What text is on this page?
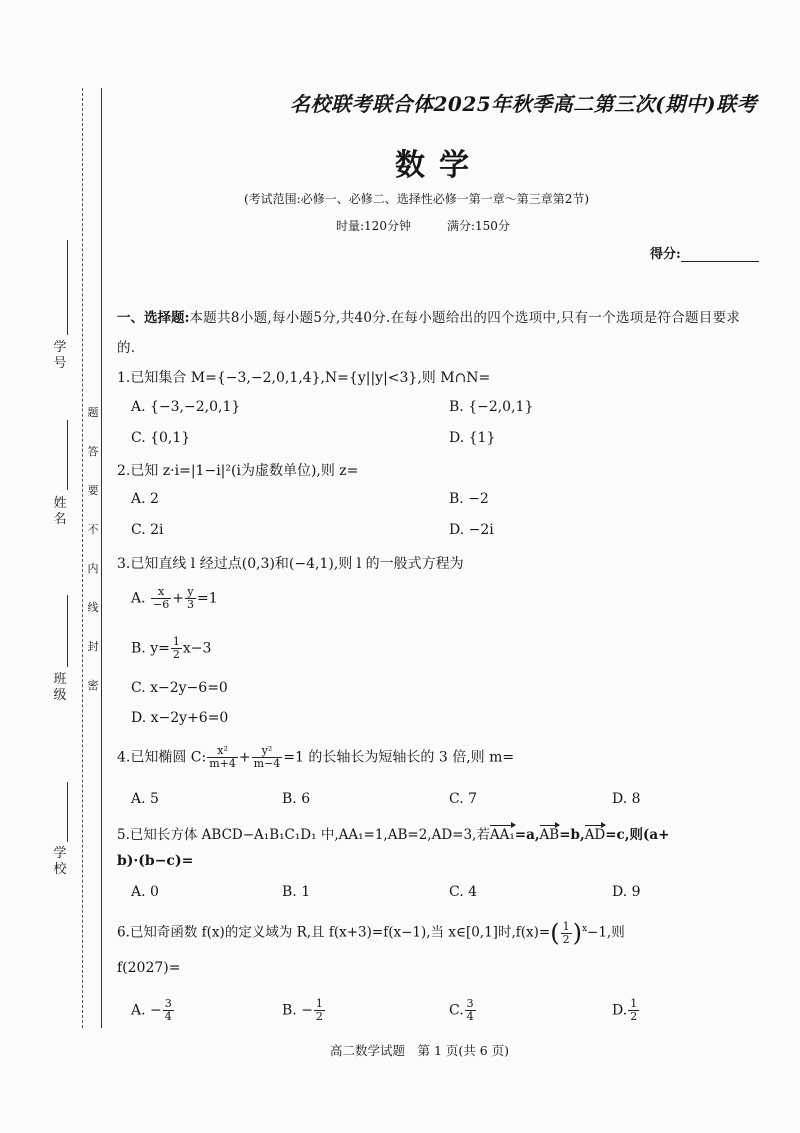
学号
姓名
班级
学校
题
答
要
不
内
线
封
密
名校联考联合体2025年秋季高二第三次(期中)联考
数学
(考试范围:必修一、必修二、选择性必修一第一章～第三章第2节)
时量:120分钟　　　满分:150分
得分:
一、选择题:本题共8小题,每小题5分,共40分.在每小题给出的四个选项中,只有一个选项是符合题目要求的.
1.已知集合 M={−3,−2,0,1,4},N={y||y|<3},则 M∩N=
A. {−3,−2,0,1}	B. {−2,0,1}
C. {0,1}	D. {1}
2.已知 z·i=|1−i|²(i为虚数单位),则 z=
A. 2	B. −2
C. 2i	D. −2i
3.已知直线 l 经过点(0,3)和(−4,1),则 l 的一般式方程为
A. $\frac{x}{-6} + \frac{y}{3} =1$
B. $y= \frac{1}{2} x-3$
C. x−2y−6=0
D. x−2y+6=0
4.已知椭圆 C: $\frac{\text{x²}}{m+4} + \frac{\text{y²}}{m-4} =1$ 的长轴长为短轴长的 3 倍,则 m=
A. 5	B. 6	C. 7	D. 8
5.已知长方体 ABCD−A₁B₁C₁D₁ 中,AA₁=1,AB=2,AD=3,若AA₁=a,AB=b,AD=c,则(a+
b)·(b−c)=
A. 0	B. 1	C. 4	D. 9
6.已知奇函数 f(x)的定义域为 R,且 f(x+3)=f(x−1),当 x∈[0,1]时$,f(x)=( \frac{1}{2} )^x-1$,则
f(2027)=
A. − $\frac{3}{4}$	B. − $\frac{1}{2}$	C. $\frac{3}{4}$	D. $\frac{1}{2}$
高二数学试题　第 1 页(共 6 页)
